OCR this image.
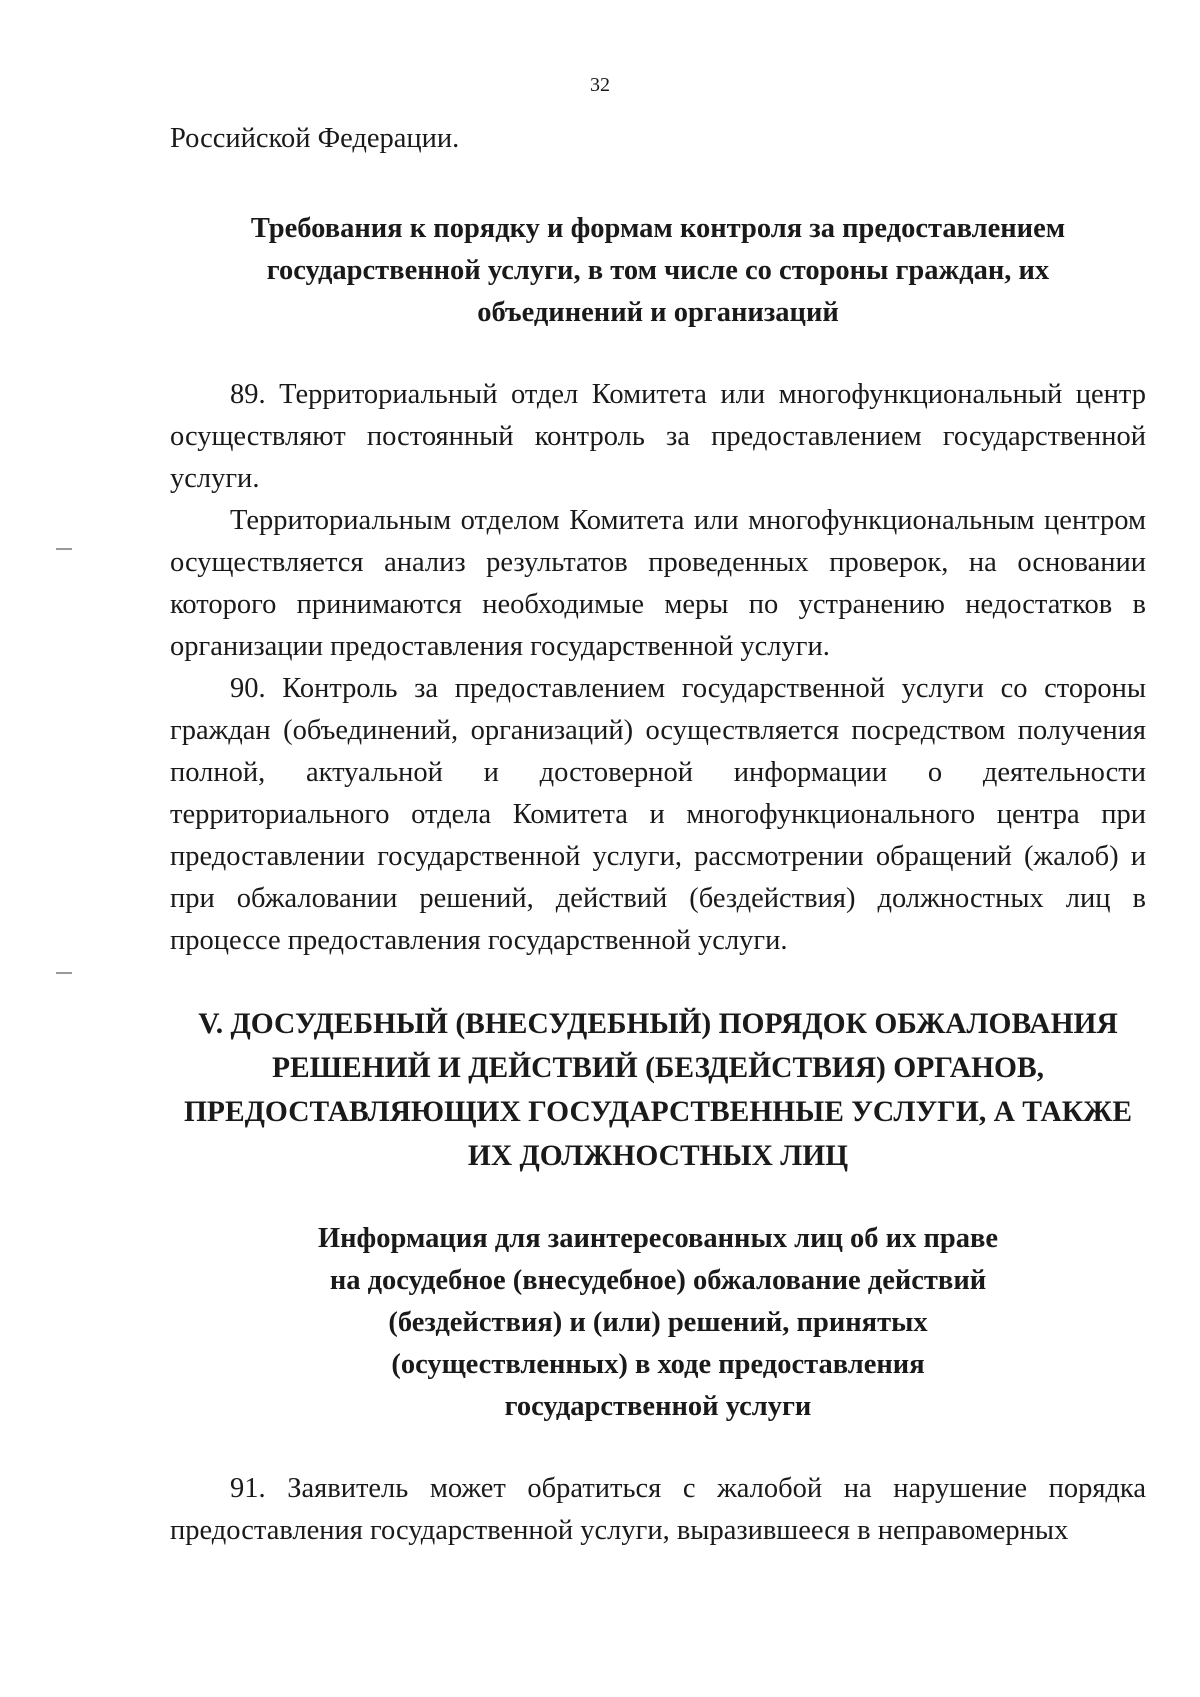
32

Российской Федерации.

Требования к порядку и формам контроля за предоставлением государственной услуги, в том числе со стороны граждан, их объединений и организаций

89. Территориальный отдел Комитета или многофункциональный центр осуществляют постоянный контроль за предоставлением государственной услуги.

Территориальным отделом Комитета или многофункциональным центром осуществляется анализ результатов проведенных проверок, на основании которого принимаются необходимые меры по устранению недостатков в организации предоставления государственной услуги.

90. Контроль за предоставлением государственной услуги со стороны граждан (объединений, организаций) осуществляется посредством получения полной, актуальной и достоверной информации о деятельности территориального отдела Комитета и многофункционального центра при предоставлении государственной услуги, рассмотрении обращений (жалоб) и при обжаловании решений, действий (бездействия) должностных лиц в процессе предоставления государственной услуги.

V. ДОСУДЕБНЫЙ (ВНЕСУДЕБНЫЙ) ПОРЯДОК ОБЖАЛОВАНИЯ РЕШЕНИЙ И ДЕЙСТВИЙ (БЕЗДЕЙСТВИЯ) ОРГАНОВ, ПРЕДОСТАВЛЯЮЩИХ ГОСУДАРСТВЕННЫЕ УСЛУГИ, А ТАКЖЕ ИХ ДОЛЖНОСТНЫХ ЛИЦ
Информация для заинтересованных лиц об их праве на досудебное (внесудебное) обжалование действий (бездействия) и (или) решений, принятых (осуществленных) в ходе предоставления государственной услуги

91. Заявитель может обратиться с жалобой на нарушение порядка предоставления государственной услуги, выразившееся в неправомерных
